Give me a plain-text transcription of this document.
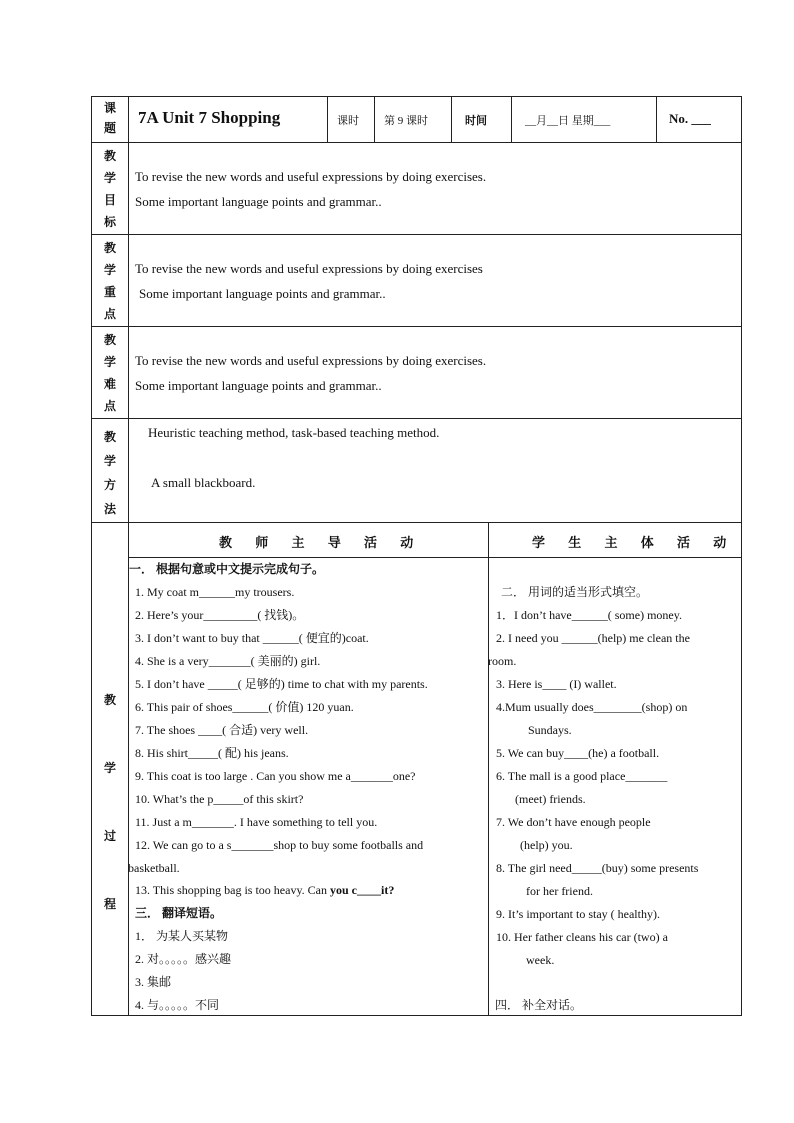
课
题
7A Unit 7 Shopping	课时 第 9 课时	时间	__月__日 星期___	No. ___
教学目标
To revise the new words and useful expressions by doing exercises.
Some important language points and grammar..
教学重点
To revise the new words and useful expressions by doing exercises
Some important language points and grammar..
教学难点
To revise the new words and useful expressions by doing exercises.
Some important language points and grammar..
教学方法
Heuristic teaching method, task-based teaching method.
A small blackboard.
教学过程
教 师 主 导 活 动	学 生 主 体 活 动
一． 根据句意或中文提示完成句子。
1. My coat m______my trousers.
2. Here’s your_________( 找钱)。
3. I don’t want to buy that ______( 便宜的)coat.
4. She is a very_______( 美丽的) girl.
5. I don’t have _____( 足够的) time to chat with my parents.
6. This pair of shoes______( 价值) 120 yuan.
7. The shoes ____( 合适) very well.
8. His shirt_____( 配) his jeans.
9. This coat is too large . Can you show me a_______one?
10. What’s the p_____of this skirt?
11. Just a m_______. I have something to tell you.
12. We can go to a s_______shop to buy some footballs and
basketball.
13. This shopping bag is too heavy. Can you c____it?
三． 翻译短语。
1． 为某人买某物
2. 对。。。。。感兴趣
3. 集邮
4. 与。。。。。不同
二． 用词的适当形式填空。
1．I don’t have______( some) money.
2. I need you ______(help) me clean the
room.
3. Here is____ (I) wallet.
4.Mum usually does________(shop) on
Sundays.
5. We can buy____(he) a football.
6. The mall is a good place_______
(meet) friends.
7. We don’t have enough people
(help) you.
8. The girl need_____(buy) some presents
for her friend.
9. It’s important to stay ( healthy).
10. Her father cleans his car (two) a
week.
四． 补全对话。
